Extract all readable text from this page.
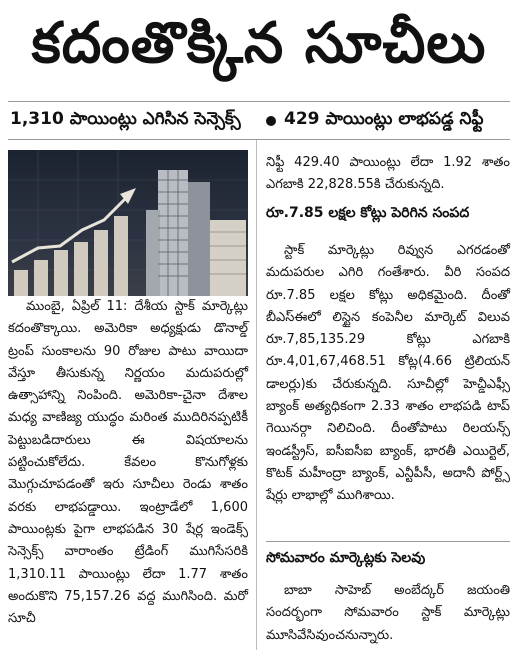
కదంతొక్కిన సూచీలు
1,310 పాయింట్లు ఎగిసిన సెన్సెక్స్	429 పాయింట్లు లాభపడ్డ నిఫ్టీ

ముంబై, ఏప్రిల్ 11: దేశీయ స్టాక్ మార్కెట్లు కదంతొక్కాయి. అమెరికా అధ్యక్షుడు డొనాల్డ్ ట్రంప్ సుంకాలను 90 రోజుల పాటు వాయిదా వేస్తూ తీసుకున్న నిర్ణయం మదుపరుల్లో ఉత్సాహాన్ని నింపింది. అమెరికా-చైనా దేశాల మధ్య వాణిజ్య యుద్ధం మరింత ముదిరినప్పటికీ పెట్టుబడిదారులు ఈ విషయాలను పట్టించుకోలేదు. కేవలం కొనుగోళ్లకు మొగ్గుచూపడంతో ఇరు సూచీలు రెండు శాతం వరకు లాభపడ్డాయి. ఇంట్రాడేలో 1,600 పాయింట్లకు పైగా లాభపడిన 30 షేర్ల ఇండెక్స్ సెన్సెక్స్ వారాంతం ట్రేడింగ్ ముగిసేసరికి 1,310.11 పాయింట్లు లేదా 1.77 శాతం అందుకొని 75,157.26 వద్ద ముగిసింది. మరో సూచీ

నిఫ్టీ 429.40 పాయింట్లు లేదా 1.92 శాతం ఎగబాకి 22,828.55కి చేరుకున్నది.

రూ.7.85 లక్షల కోట్లు పెరిగిన సంపద

స్టాక్ మార్కెట్లు రివ్వున ఎగరడంతో మదుపరుల ఎగిరి గంతేశారు. వీరి సంపద రూ.7.85 లక్షల కోట్లు అధికమైంది. దీంతో బీఎస్ఈలో లిస్టైన కంపెనీల మార్కెట్ విలువ రూ.7,85,135.29 కోట్లు ఎగబాకి రూ.4,01,67,468.51 కోట్ల(4.66 ట్రిలియన్ డాలర్లు)కు చేరుకున్నది. సూచీల్లో హెచ్డీఎఫ్సీ బ్యాంక్ అత్యధికంగా 2.33 శాతం లాభపడి టాప్ గెయినర్గా నిలిచింది. దీంతోపాటు రిలయన్స్ ఇండస్ట్రీస్, ఐసీఐసీఐ బ్యాంక్, భారతీ ఎయిర్టెల్, కొటక్ మహీంద్రా బ్యాంక్, ఎన్టీపీసీ, అదానీ పోర్ట్స్ షేర్లు లాభాల్లో ముగిశాయి.

సోమవారం మార్కెట్లకు సెలవు

బాబా సాహెబ్ అంబేద్కర్ జయంతి సందర్భంగా సోమవారం స్టాక్ మార్కెట్లు మూసివేసివుంచనున్నారు.
